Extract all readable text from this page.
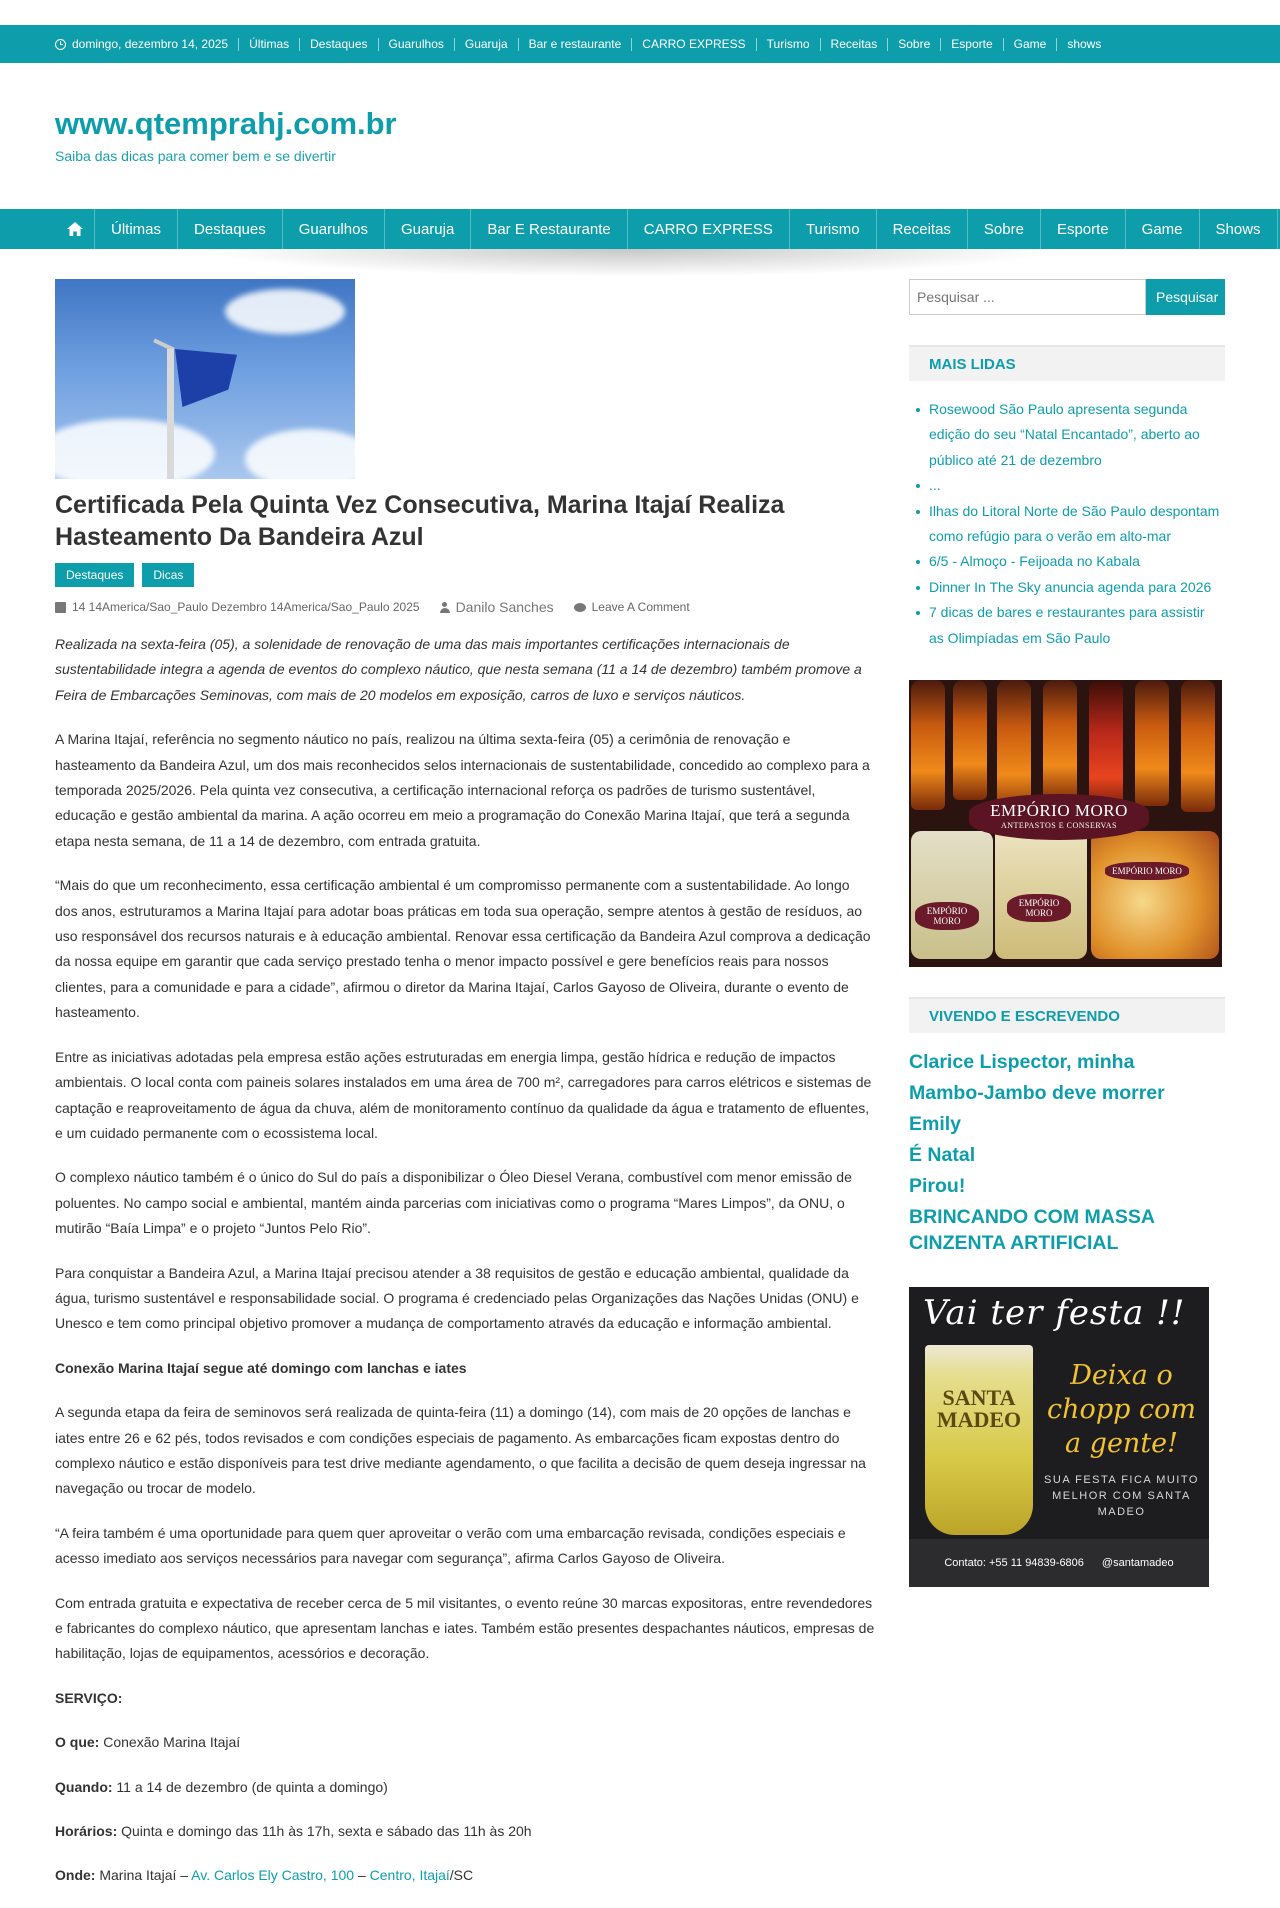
domingo, dezembro 14, 2025	Últimas	Destaques	Guarulhos	Guaruja	Bar e restaurante	CARRO EXPRESS	Turismo	Receitas	Sobre	Esporte	Game	shows
www.qtemprahj.com.br
Saiba das dicas para comer bem e se divertir
Últimas	Destaques	Guarulhos	Guaruja	Bar E Restaurante	CARRO EXPRESS	Turismo	Receitas	Sobre	Esporte	Game	Shows
Certificada Pela Quinta Vez Consecutiva, Marina Itajaí Realiza Hasteamento Da Bandeira Azul
Destaques	Dicas
14 14America/Sao_Paulo Dezembro 14America/Sao_Paulo 2025	Danilo Sanches	Leave A Comment

Realizada na sexta-feira (05), a solenidade de renovação de uma das mais importantes certificações internacionais de sustentabilidade integra a agenda de eventos do complexo náutico, que nesta semana (11 a 14 de dezembro) também promove a Feira de Embarcações Seminovas, com mais de 20 modelos em exposição, carros de luxo e serviços náuticos.

A Marina Itajaí, referência no segmento náutico no país, realizou na última sexta-feira (05) a cerimônia de renovação e hasteamento da Bandeira Azul, um dos mais reconhecidos selos internacionais de sustentabilidade, concedido ao complexo para a temporada 2025/2026. Pela quinta vez consecutiva, a certificação internacional reforça os padrões de turismo sustentável, educação e gestão ambiental da marina. A ação ocorreu em meio a programação do Conexão Marina Itajaí, que terá a segunda etapa nesta semana, de 11 a 14 de dezembro, com entrada gratuita.

“Mais do que um reconhecimento, essa certificação ambiental é um compromisso permanente com a sustentabilidade. Ao longo dos anos, estruturamos a Marina Itajaí para adotar boas práticas em toda sua operação, sempre atentos à gestão de resíduos, ao uso responsável dos recursos naturais e à educação ambiental. Renovar essa certificação da Bandeira Azul comprova a dedicação da nossa equipe em garantir que cada serviço prestado tenha o menor impacto possível e gere benefícios reais para nossos clientes, para a comunidade e para a cidade”, afirmou o diretor da Marina Itajaí, Carlos Gayoso de Oliveira, durante o evento de hasteamento.

Entre as iniciativas adotadas pela empresa estão ações estruturadas em energia limpa, gestão hídrica e redução de impactos ambientais. O local conta com paineis solares instalados em uma área de 700 m², carregadores para carros elétricos e sistemas de captação e reaproveitamento de água da chuva, além de monitoramento contínuo da qualidade da água e tratamento de efluentes, e um cuidado permanente com o ecossistema local.

O complexo náutico também é o único do Sul do país a disponibilizar o Óleo Diesel Verana, combustível com menor emissão de poluentes. No campo social e ambiental, mantém ainda parcerias com iniciativas como o programa “Mares Limpos”, da ONU, o mutirão “Baía Limpa” e o projeto “Juntos Pelo Rio”.

Para conquistar a Bandeira Azul, a Marina Itajaí precisou atender a 38 requisitos de gestão e educação ambiental, qualidade da água, turismo sustentável e responsabilidade social. O programa é credenciado pelas Organizações das Nações Unidas (ONU) e Unesco e tem como principal objetivo promover a mudança de comportamento através da educação e informação ambiental.

Conexão Marina Itajaí segue até domingo com lanchas e iates

A segunda etapa da feira de seminovos será realizada de quinta-feira (11) a domingo (14), com mais de 20 opções de lanchas e iates entre 26 e 62 pés, todos revisados e com condições especiais de pagamento. As embarcações ficam expostas dentro do complexo náutico e estão disponíveis para test drive mediante agendamento, o que facilita a decisão de quem deseja ingressar na navegação ou trocar de modelo.

“A feira também é uma oportunidade para quem quer aproveitar o verão com uma embarcação revisada, condições especiais e acesso imediato aos serviços necessários para navegar com segurança”, afirma Carlos Gayoso de Oliveira.

Com entrada gratuita e expectativa de receber cerca de 5 mil visitantes, o evento reúne 30 marcas expositoras, entre revendedores e fabricantes do complexo náutico, que apresentam lanchas e iates. Também estão presentes despachantes náuticos, empresas de habilitação, lojas de equipamentos, acessórios e decoração.

SERVIÇO:

O que: Conexão Marina Itajaí

Quando: 11 a 14 de dezembro (de quinta a domingo)

Horários: Quinta e domingo das 11h às 17h, sexta e sábado das 11h às 20h

Onde: Marina Itajaí – Av. Carlos Ely Castro, 100 – Centro, Itajaí/SC

Pesquisar ...
Pesquisar
MAIS LIDAS
Rosewood São Paulo apresenta segunda edição do seu “Natal Encantado”, aberto ao público até 21 de dezembro
...
Ilhas do Litoral Norte de São Paulo despontam como refúgio para o verão em alto-mar
6/5 - Almoço - Feijoada no Kabala
Dinner In The Sky anuncia agenda para 2026
7 dicas de bares e restaurantes para assistir as Olimpíadas em São Paulo
EMPÓRIO MORO
ANTEPASTOS E CONSERVAS
EMPÓRIO MORO
EMPÓRIO MORO
EMPÓRIO MORO
VIVENDO E ESCREVENDO
Clarice Lispector, minha
Mambo-Jambo deve morrer
Emily
É Natal
Pirou!
BRINCANDO COM MASSA CINZENTA ARTIFICIAL
Vai ter festa !!
SANTA MADEO
Deixa o chopp com a gente!
SUA FESTA FICA MUITO MELHOR COM SANTA MADEO
Contato: +55 11 94839-6806 @santamadeo
